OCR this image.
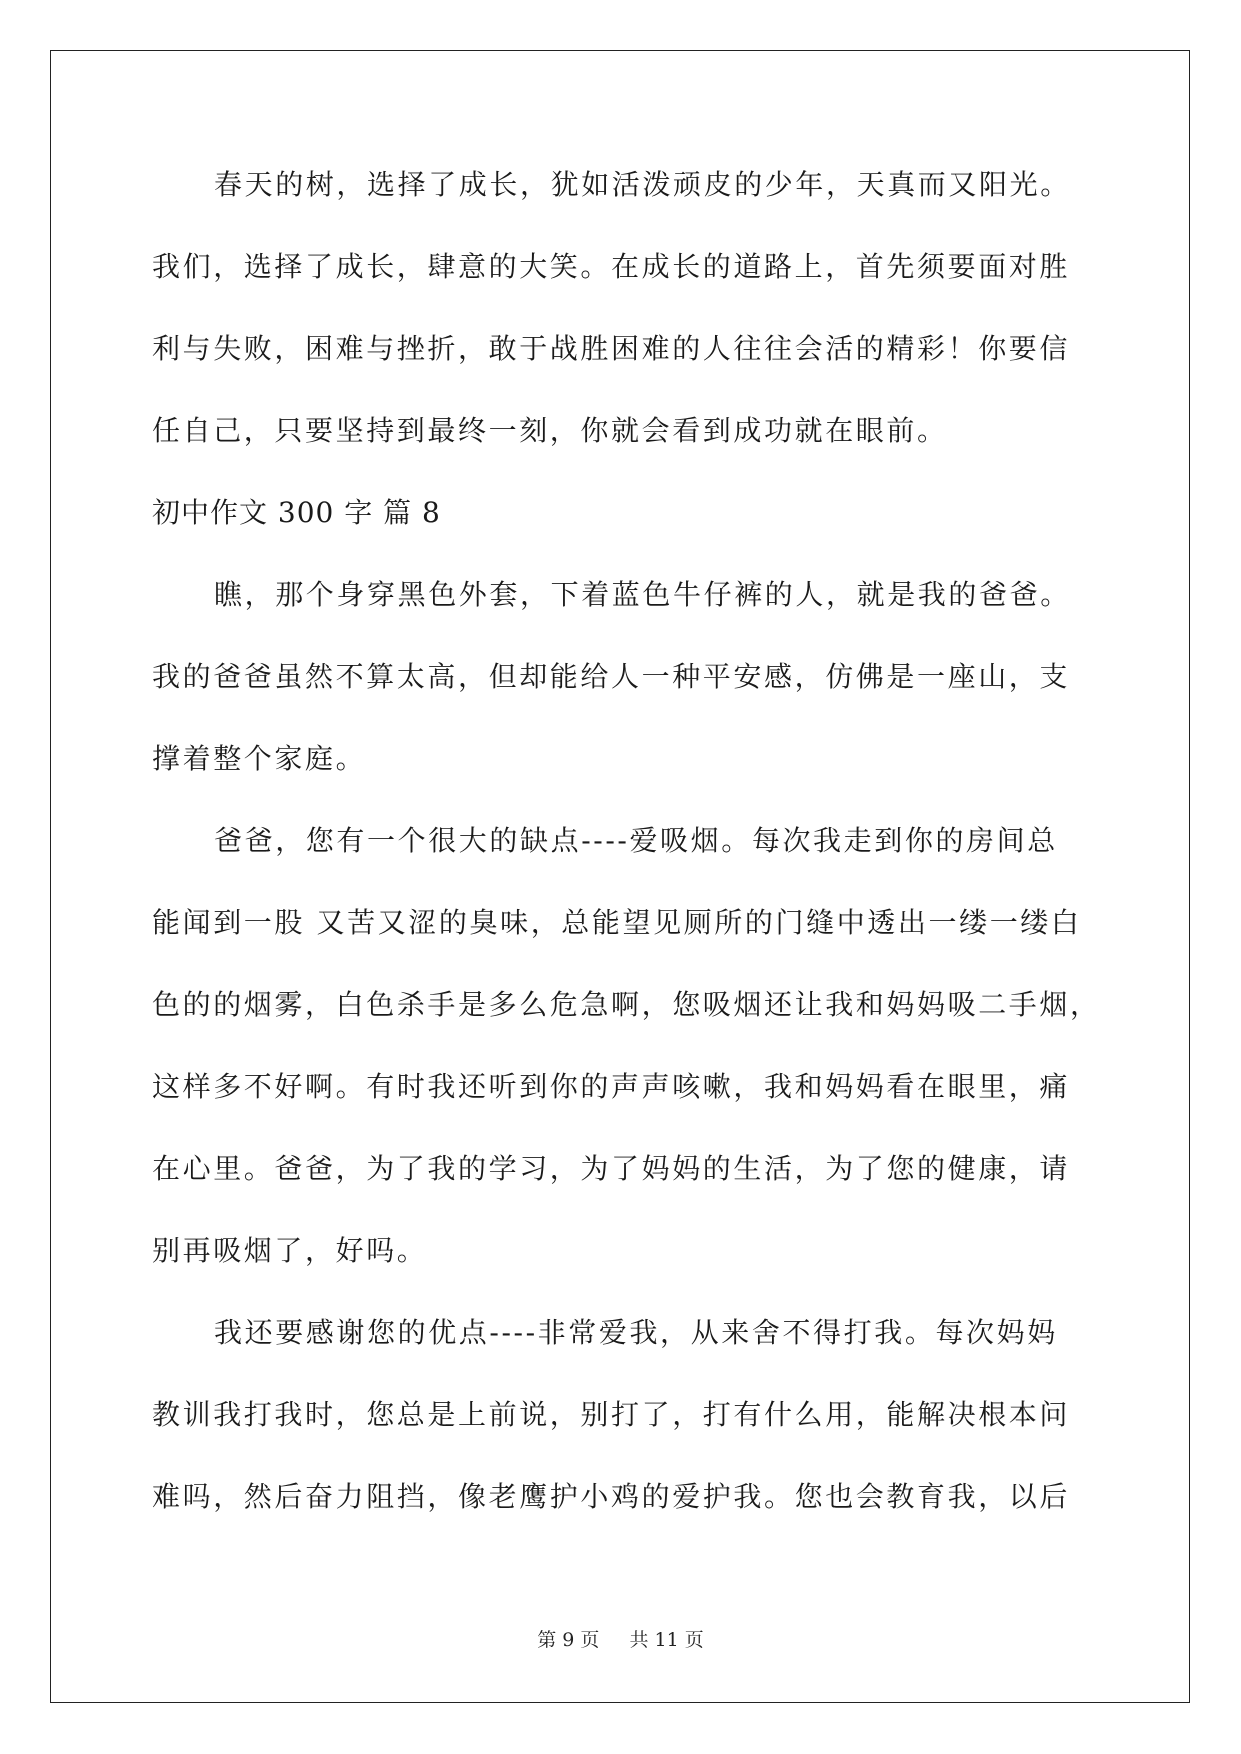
春天的树，选择了成长，犹如活泼顽皮的少年，天真而又阳光。
我们，选择了成长，肆意的大笑。在成长的道路上，首先须要面对胜
利与失败，困难与挫折，敢于战胜困难的人往往会活的精彩！你要信
任自己，只要坚持到最终一刻，你就会看到成功就在眼前。
初中作文 300 字 篇 8
瞧，那个身穿黑色外套，下着蓝色牛仔裤的人，就是我的爸爸。
我的爸爸虽然不算太高，但却能给人一种平安感，仿佛是一座山，支
撑着整个家庭。
爸爸，您有一个很大的缺点----爱吸烟。每次我走到你的房间总
能闻到一股 又苦又涩的臭味，总能望见厕所的门缝中透出一缕一缕白
色的的烟雾，白色杀手是多么危急啊，您吸烟还让我和妈妈吸二手烟，
这样多不好啊。有时我还听到你的声声咳嗽，我和妈妈看在眼里，痛
在心里。爸爸，为了我的学习，为了妈妈的生活，为了您的健康，请
别再吸烟了，好吗。
我还要感谢您的优点----非常爱我，从来舍不得打我。每次妈妈
教训我打我时，您总是上前说，别打了，打有什么用，能解决根本问
难吗，然后奋力阻挡，像老鹰护小鸡的爱护我。您也会教育我，以后
第 9 页 共 11 页
